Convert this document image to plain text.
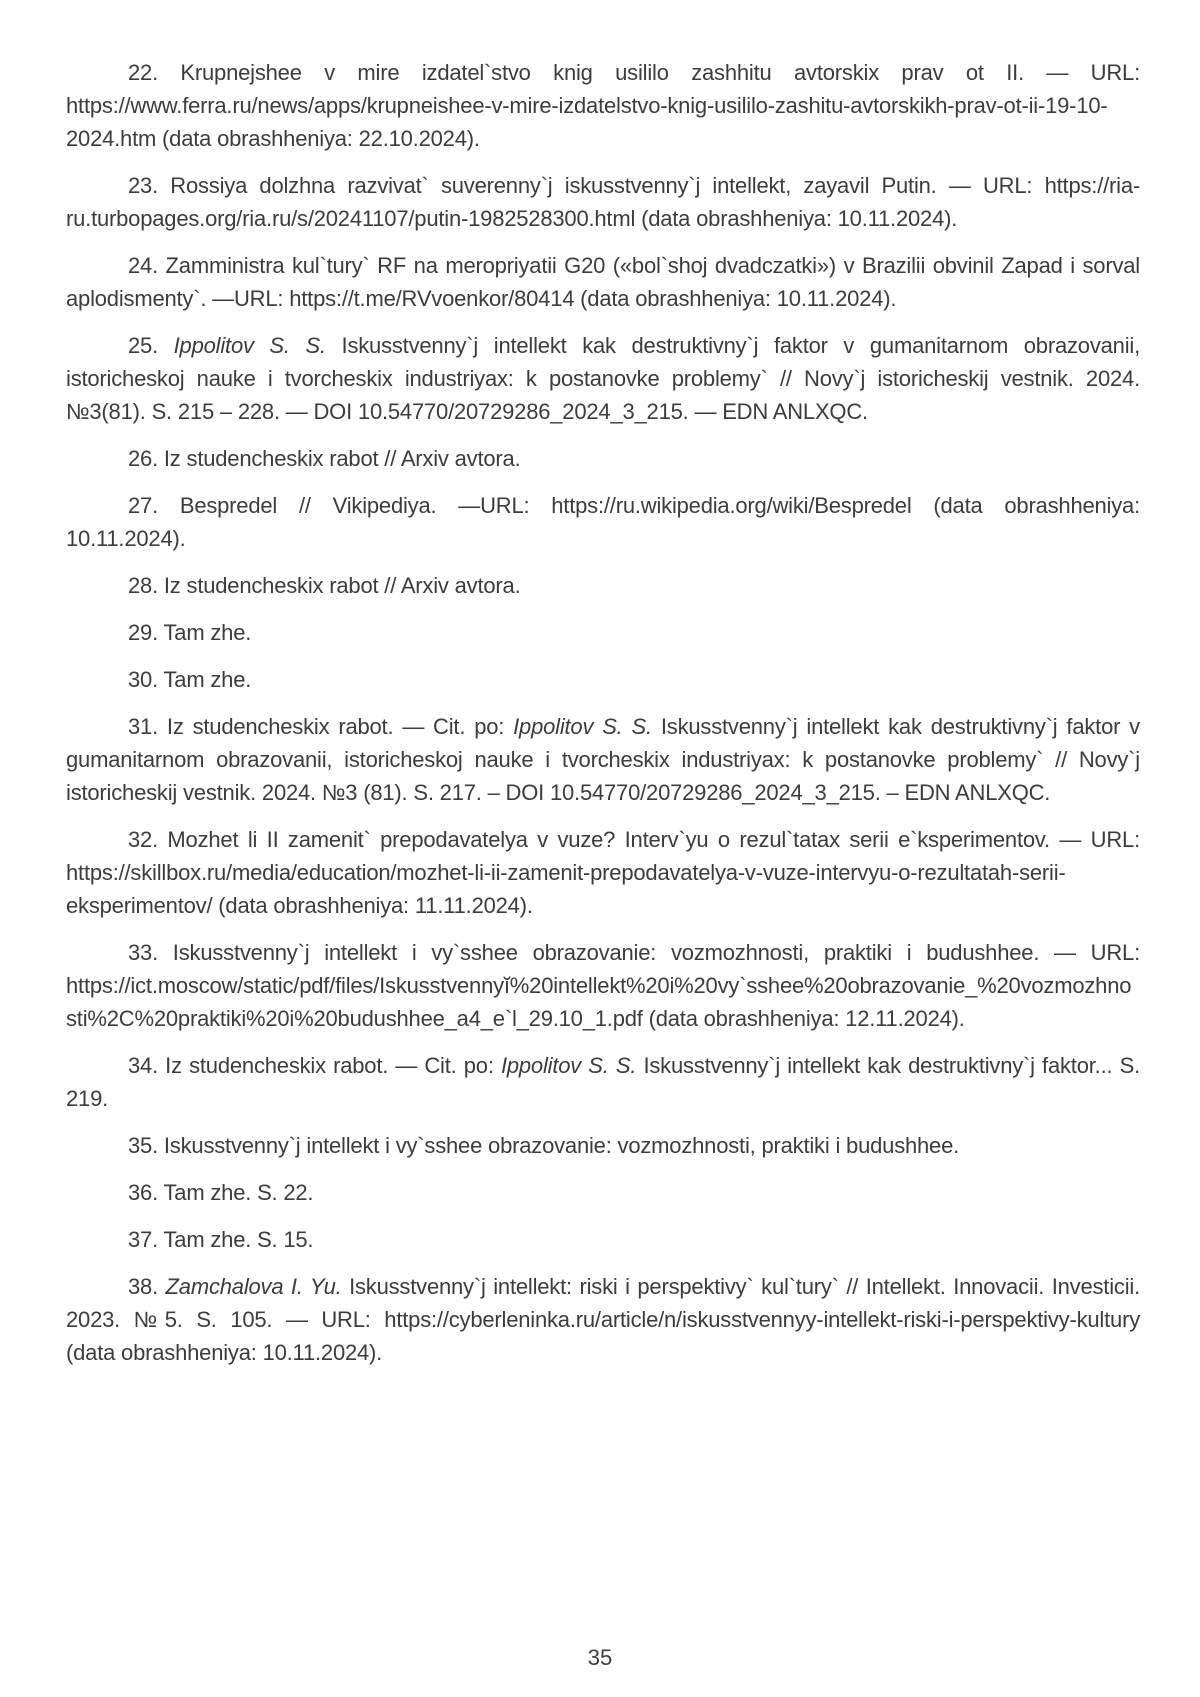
22. Krupnejshee v mire izdatel`stvo knig usililo zashhitu avtorskix prav ot II. — URL: https://www.ferra.ru/news/apps/krupneishee-v-mire-izdatelstvo-knig-usililo-zashitu-avtorskikh-prav-ot-ii-19-10-2024.htm (data obrashheniya: 22.10.2024).

23. Rossiya dolzhna razvivat` suverenny`j iskusstvenny`j intellekt, zayavil Putin. — URL: https://ria-ru.turbopages.org/ria.ru/s/20241107/putin-1982528300.html (data obrashheniya: 10.11.2024).

24. Zamministra kul`tury` RF na meropriyatii G20 («bol`shoj dvadczatki») v Brazilii obvinil Zapad i sorval aplodismenty`. —URL: https://t.me/RVvoenkor/80414 (data obrashheniya: 10.11.2024).

25. Ippolitov S. S. Iskusstvenny`j intellekt kak destruktivny`j faktor v gumanitarnom obrazovanii, istoricheskoj nauke i tvorcheskix industriyax: k postanovke problemy` // Novy`j istoricheskij vestnik. 2024. №3(81). S. 215 – 228. — DOI 10.54770/20729286_2024_3_215. — EDN ANLXQC.

26. Iz studencheskix rabot // Arxiv avtora.

27. Bespredel // Vikipediya. —URL: https://ru.wikipedia.org/wiki/Bespredel (data obrashheniya: 10.11.2024).

28. Iz studencheskix rabot // Arxiv avtora.

29. Tam zhe.

30. Tam zhe.

31. Iz studencheskix rabot. — Cit. po: Ippolitov S. S. Iskusstvenny`j intellekt kak destruktivny`j faktor v gumanitarnom obrazovanii, istoricheskoj nauke i tvorcheskix industriyax: k postanovke problemy` // Novy`j istoricheskij vestnik. 2024. №3 (81). S. 217. – DOI 10.54770/20729286_2024_3_215. – EDN ANLXQC.

32. Mozhet li II zamenit` prepodavatelya v vuze? Interv`yu o rezul`tatax serii e`ksperimentov. — URL: https://skillbox.ru/media/education/mozhet-li-ii-zamenit-prepodavatelya-v-vuze-intervyu-o-rezultatah-serii-eksperimentov/ (data obrashheniya: 11.11.2024).

33. Iskusstvenny`j intellekt i vy`sshee obrazovanie: vozmozhnosti, praktiki i budushhee. — URL: https://ict.moscow/static/pdf/files/Iskusstvennyĭ%20intellekt%20i%20vy`sshee%20obrazovanie_%20vozmozhnosti%2C%20praktiki%20i%20budushhee_a4_e`l_29.10_1.pdf (data obrashheniya: 12.11.2024).

34. Iz studencheskix rabot. — Cit. po: Ippolitov S. S. Iskusstvenny`j intellekt kak destruktivny`j faktor... S. 219.

35. Iskusstvenny`j intellekt i vy`sshee obrazovanie: vozmozhnosti, praktiki i budushhee.

36. Tam zhe. S. 22.

37. Tam zhe. S. 15.

38. Zamchalova I. Yu. Iskusstvenny`j intellekt: riski i perspektivy` kul`tury` // Intellekt. Innovacii. Investicii. 2023. №5. S. 105. — URL: https://cyberleninka.ru/article/n/iskusstvennyy-intellekt-riski-i-perspektivy-kultury (data obrashheniya: 10.11.2024).

35
